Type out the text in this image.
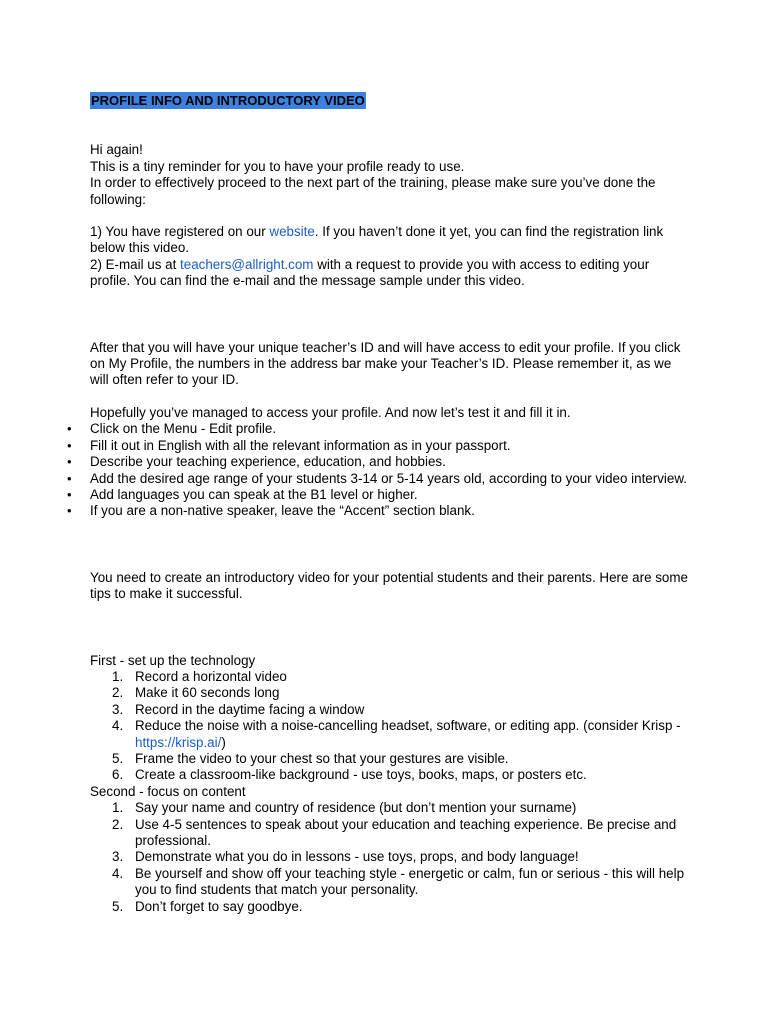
PROFILE INFO AND INTRODUCTORY VIDEO

Hi again!

This is a tiny reminder for you to have your profile ready to use.

In order to effectively proceed to the next part of the training, please make sure you’ve done the following:

1) You have registered on our website. If you haven’t done it yet, you can find the registration link below this video.

2) E-mail us at teachers@allright.com with a request to provide you with access to editing your profile. You can find the e-mail and the message sample under this video.

After that you will have your unique teacher’s ID and will have access to edit your profile. If you click on My Profile, the numbers in the address bar make your Teacher’s ID. Please remember it, as we will often refer to your ID.

Hopefully you’ve managed to access your profile. And now let’s test it and fill it in.

• Click on the Menu - Edit profile.
• Fill it out in English with all the relevant information as in your passport.
• Describe your teaching experience, education, and hobbies.
• Add the desired age range of your students 3-14 or 5-14 years old, according to your video interview.
• Add languages you can speak at the B1 level or higher.
• If you are a non-native speaker, leave the “Accent” section blank.

You need to create an introductory video for your potential students and their parents. Here are some tips to make it successful.

First - set up the technology

1. Record a horizontal video
2. Make it 60 seconds long
3. Record in the daytime facing a window
4. Reduce the noise with a noise-cancelling headset, software, or editing app. (consider Krisp - https://krisp.ai/)
5. Frame the video to your chest so that your gestures are visible.
6. Create a classroom-like background - use toys, books, maps, or posters etc.

Second - focus on content

1. Say your name and country of residence (but don’t mention your surname)
2. Use 4-5 sentences to speak about your education and teaching experience. Be precise and professional.
3. Demonstrate what you do in lessons - use toys, props, and body language!
4. Be yourself and show off your teaching style - energetic or calm, fun or serious - this will help you to find students that match your personality.
5. Don’t forget to say goodbye.
